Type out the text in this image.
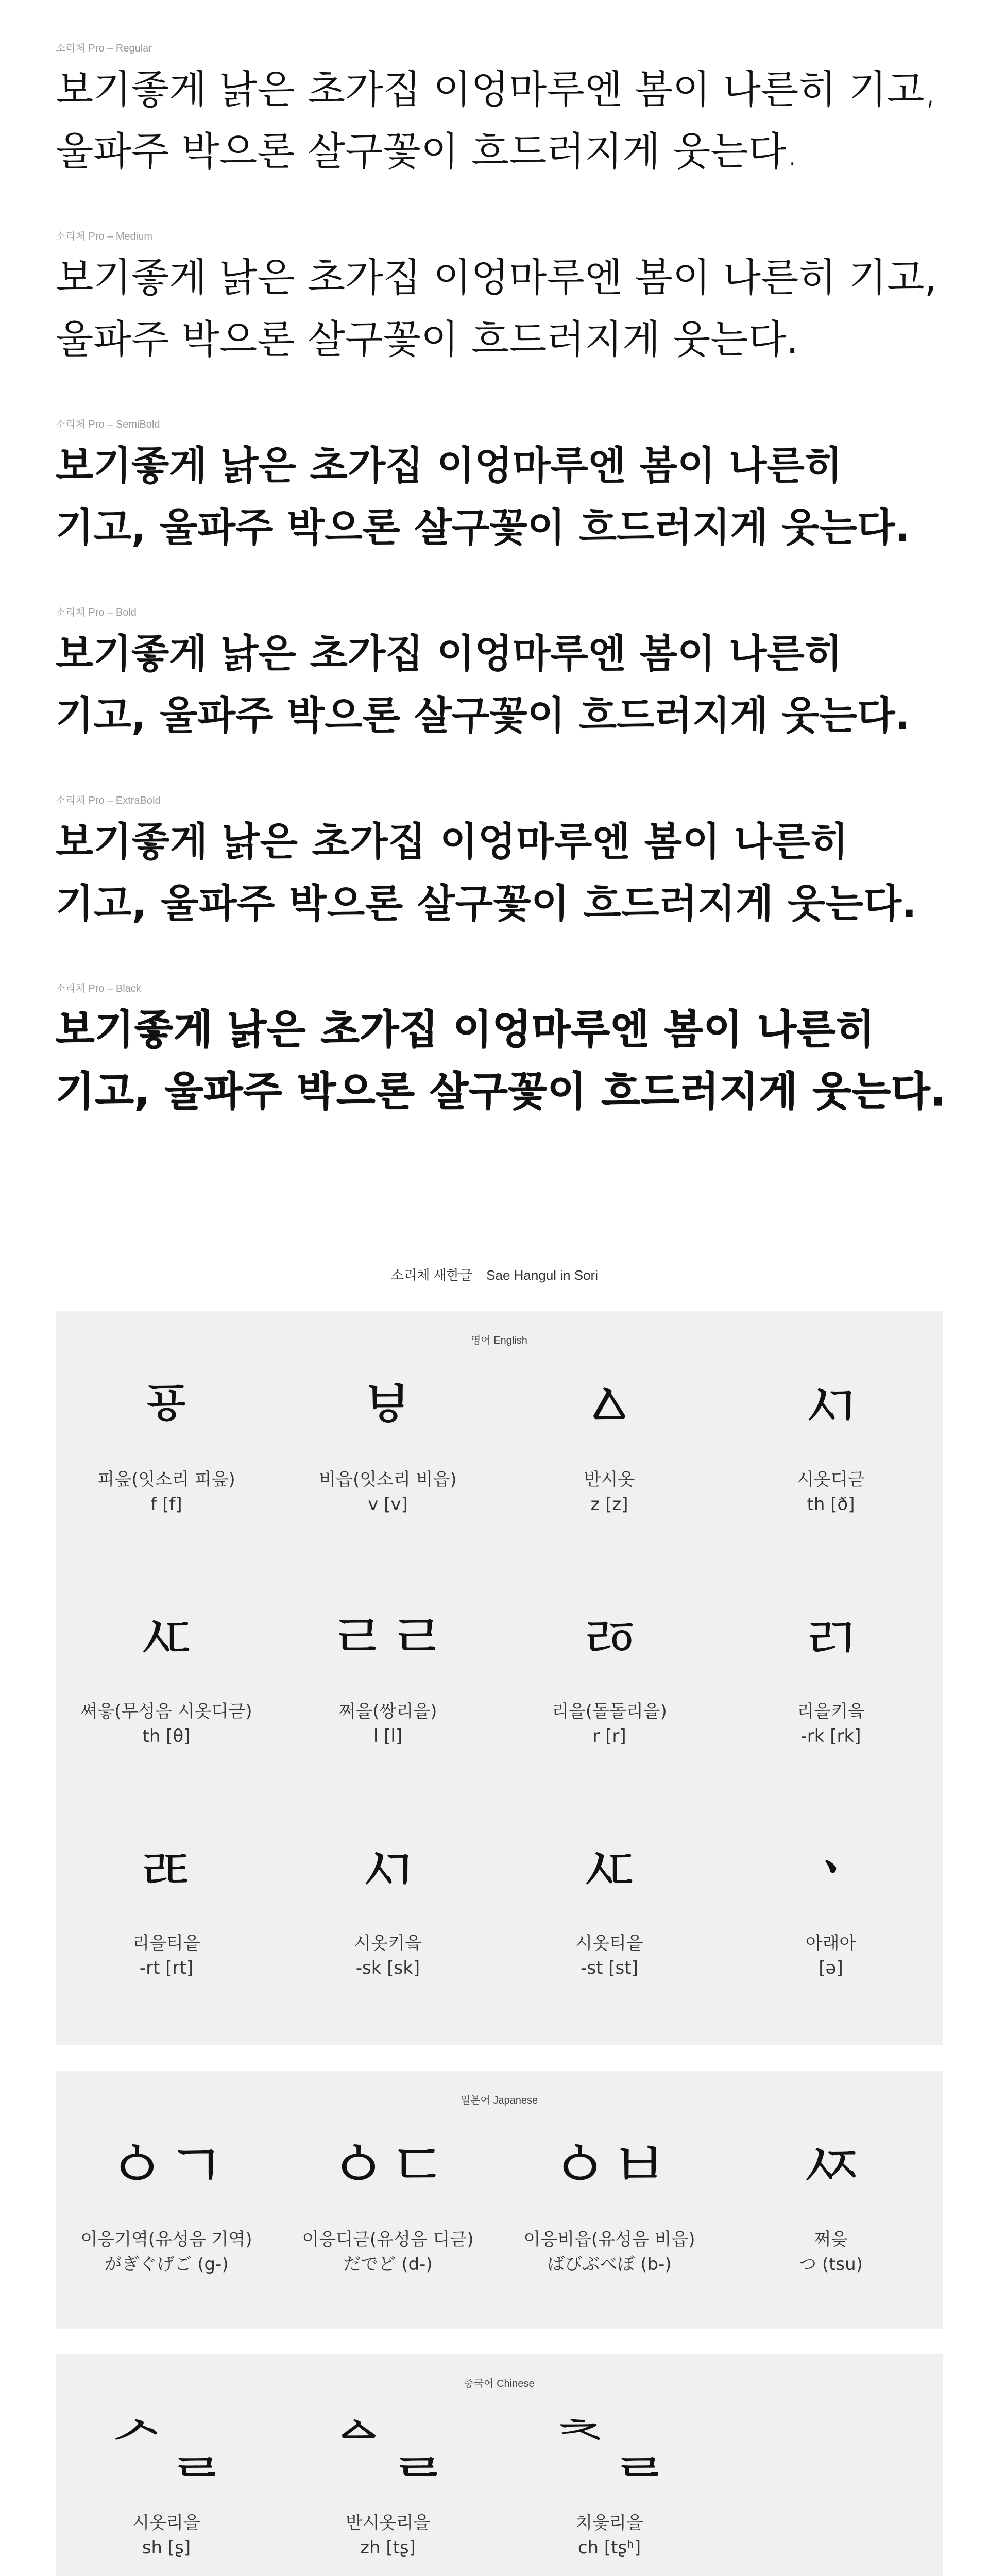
소리체 Pro – Regular
보기좋게 낡은 초가집 이엉마루엔 봄이 나른히 기고,
울파주 박으론 살구꽃이 흐드러지게 웃는다.
소리체 Pro – Medium
보기좋게 낡은 초가집 이엉마루엔 봄이 나른히 기고,
울파주 박으론 살구꽃이 흐드러지게 웃는다.
소리체 Pro – SemiBold
보기좋게 낡은 초가집 이엉마루엔 봄이 나른히
기고, 울파주 박으론 살구꽃이 흐드러지게 웃는다.
소리체 Pro – Bold
보기좋게 낡은 초가집 이엉마루엔 봄이 나른히
기고, 울파주 박으론 살구꽃이 흐드러지게 웃는다.
소리체 Pro – ExtraBold
보기좋게 낡은 초가집 이엉마루엔 봄이 나른히
기고, 울파주 박으론 살구꽃이 흐드러지게 웃는다.
소리체 Pro – Black
보기좋게 낡은 초가집 이엉마루엔 봄이 나른히
기고, 울파주 박으론 살구꽃이 흐드러지게 웃는다.
소리체 새한글 Sae Hangul in Sori
영어 English
ㆄ
피읖(잇소리 피읖)
f [f]
ㅸ
비읍(잇소리 비읍)
v [v]
ㅿ
반시옷
z [z]
ㅺ
시옷디귿
th [ð]
ㅼ
쎠읗(무성음 시옷디귿)
th [θ]
ㄹㄹ
쩌을(쌍리을)
l [l]
ㅭ
리을(돌돌리을)
r [r]
ㄺ
리을키읔
-rk [rk]
ㄾ
리을티읕
-rt [rt]
ㅺ
시옷키읔
-sk [sk]
ㅼ
시옷티읕
-st [st]
ㆍ
아래아
[ə]
일본어 Japanese
ㆁㄱ
이응기역(유성음 기역)
がぎぐげご (g-)
ㆁㄷ
이응디귿(유성음 디귿)
だでど (d-)
ㆁㅂ
이응비읍(유성음 비읍)
ばびぶべぼ (b-)
ㅾ
쩌읒
つ (tsu)
중국어 Chinese
ᄼᆯ
시옷리을
sh [ʂ]
ᅀᆯ
반시옷리을
zh [tʂ]
ᅕᆯ
치읓리을
ch [tʂʰ]
